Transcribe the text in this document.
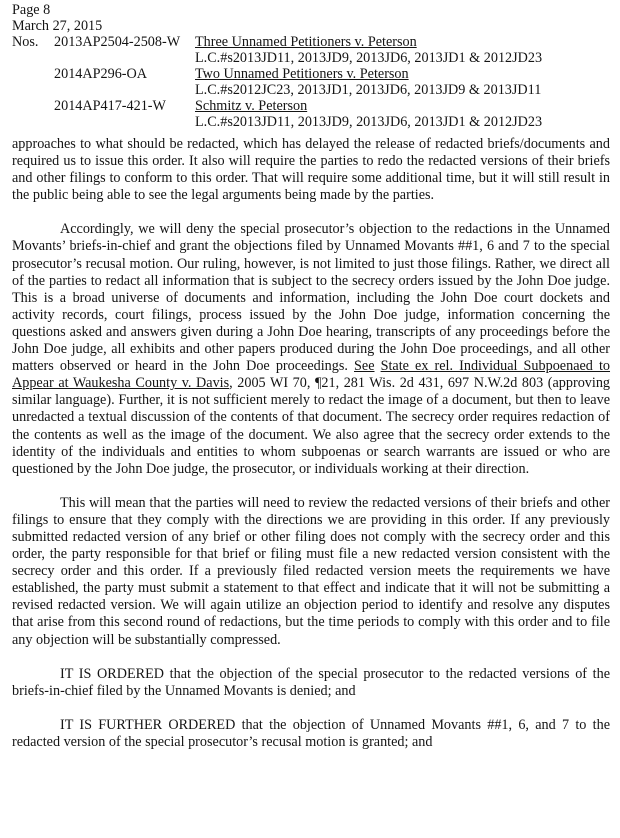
Page 8
March 27, 2015
Nos. 2013AP2504-2508-W Three Unnamed Petitioners v. Peterson
L.C.#s2013JD11, 2013JD9, 2013JD6, 2013JD1 & 2012JD23
2014AP296-OA	Two Unnamed Petitioners v. Peterson
L.C.#s2012JC23, 2013JD1, 2013JD6, 2013JD9 & 2013JD11
2014AP417-421-W Schmitz v. Peterson
L.C.#s2013JD11, 2013JD9, 2013JD6, 2013JD1 & 2012JD23

approaches to what should be redacted, which has delayed the release of redacted briefs/documents and required us to issue this order. It also will require the parties to redo the redacted versions of their briefs and other filings to conform to this order. That will require some additional time, but it will still result in the public being able to see the legal arguments being made by the parties.

Accordingly, we will deny the special prosecutor’s objection to the redactions in the Unnamed Movants’ briefs-in-chief and grant the objections filed by Unnamed Movants ##1, 6 and 7 to the special prosecutor’s recusal motion. Our ruling, however, is not limited to just those filings. Rather, we direct all of the parties to redact all information that is subject to the secrecy orders issued by the John Doe judge. This is a broad universe of documents and information, including the John Doe court dockets and activity records, court filings, process issued by the John Doe judge, information concerning the questions asked and answers given during a John Doe hearing, transcripts of any proceedings before the John Doe judge, all exhibits and other papers produced during the John Doe proceedings, and all other matters observed or heard in the John Doe proceedings. See State ex rel. Individual Subpoenaed to Appear at Waukesha County v. Davis, 2005 WI 70, ¶21, 281 Wis. 2d 431, 697 N.W.2d 803 (approving similar language). Further, it is not sufficient merely to redact the image of a document, but then to leave unredacted a textual discussion of the contents of that document. The secrecy order requires redaction of the contents as well as the image of the document. We also agree that the secrecy order extends to the identity of the individuals and entities to whom subpoenas or search warrants are issued or who are questioned by the John Doe judge, the prosecutor, or individuals working at their direction.

This will mean that the parties will need to review the redacted versions of their briefs and other filings to ensure that they comply with the directions we are providing in this order. If any previously submitted redacted version of any brief or other filing does not comply with the secrecy order and this order, the party responsible for that brief or filing must file a new redacted version consistent with the secrecy order and this order. If a previously filed redacted version meets the requirements we have established, the party must submit a statement to that effect and indicate that it will not be submitting a revised redacted version. We will again utilize an objection period to identify and resolve any disputes that arise from this second round of redactions, but the time periods to comply with this order and to file any objection will be substantially compressed.

IT IS ORDERED that the objection of the special prosecutor to the redacted versions of the briefs-in-chief filed by the Unnamed Movants is denied; and

IT IS FURTHER ORDERED that the objection of Unnamed Movants ##1, 6, and 7 to the redacted version of the special prosecutor’s recusal motion is granted; and
